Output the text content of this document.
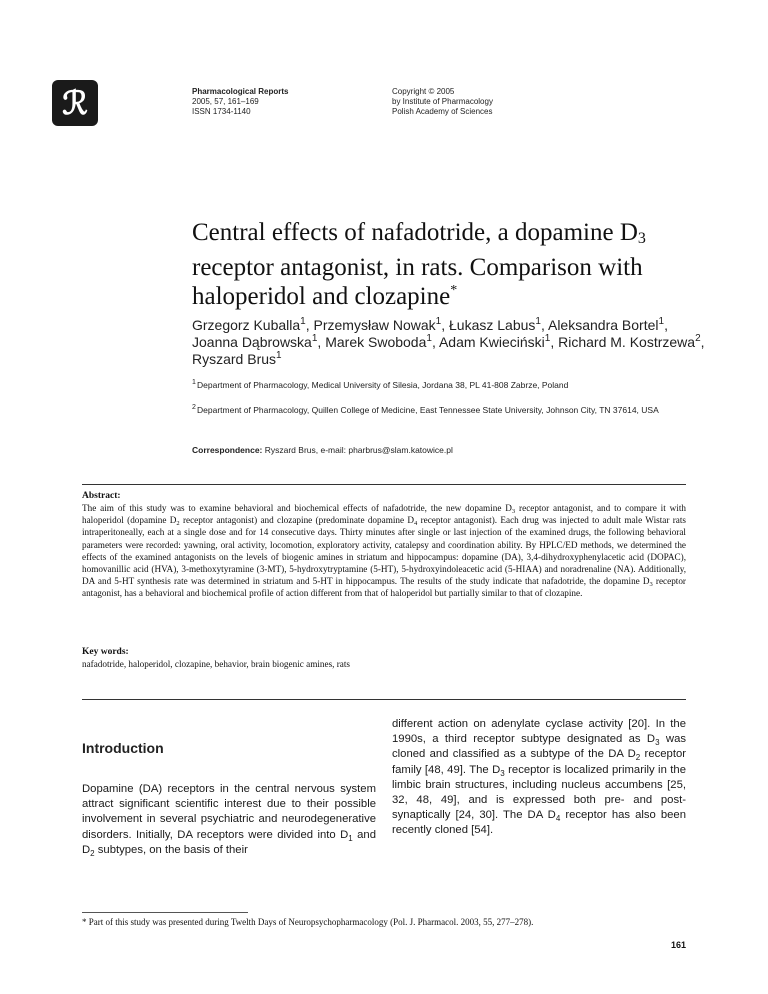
ℛ	Pharmacological Reports
2005, 57, 161–169
ISSN 1734-1140
Copyright © 2005
by Institute of Pharmacology
Polish Academy of Sciences
Central effects of nafadotride, a dopamine $D_3$ receptor antagonist, in rats. Comparison with haloperidol and clozapine*
Grzegorz Kuballa$^1$, Przemysław Nowak$^1$, Łukasz Labus$^1$, Aleksandra Bortel$^1$, Joanna Dąbrowska$^1$, Marek Swoboda$^1$, Adam Kwieciński$^1$, Richard M. Kostrzewa$^2$, Ryszard Brus$^1$
1 Department of Pharmacology, Medical University of Silesia, Jordana 38, PL 41-808 Zabrze, Poland
2 Department of Pharmacology, Quillen College of Medicine, East Tennessee State University, Johnson City, TN 37614, USA
Correspondence: Ryszard Brus, e-mail: pharbrus@slam.katowice.pl
Abstract:
The aim of this study was to examine behavioral and biochemical effects of nafadotride, the new dopamine $D_3$ receptor antagonist, and to compare it with haloperidol (dopamine $D_2$ receptor antagonist) and clozapine (predominate dopamine $D_4$ receptor antagonist). Each drug was injected to adult male Wistar rats intraperitoneally, each at a single dose and for 14 consecutive days. Thirty minutes after single or last injection of the examined drugs, the following behavioral parameters were recorded: yawning, oral activity, locomotion, exploratory activity, catalepsy and coordination ability. By HPLC/ED methods, we determined the effects of the examined antagonists on the levels of biogenic amines in striatum and hippocampus: dopamine (DA), 3,4-dihydroxyphenylacetic acid (DOPAC), homovanillic acid (HVA), 3-methoxytyramine (3-MT), 5-hydroxytryptamine (5-HT), 5-hydroxyindoleacetic acid (5-HIAA) and noradrenaline (NA). Additionally, DA and 5-HT synthesis rate was determined in striatum and 5-HT in hippocampus. The results of the study indicate that nafadotride, the dopamine $D_3$ receptor antagonist, has a behavioral and biochemical profile of action different from that of haloperidol but partially similar to that of clozapine.
Key words:
nafadotride, haloperidol, clozapine, behavior, brain biogenic amines, rats
Introduction
Dopamine (DA) receptors in the central nervous system attract significant scientific interest due to their possible involvement in several psychiatric and neurodegenerative disorders. Initially, DA receptors were divided into $D_1$ and $D_2$ subtypes, on the basis of their
different action on adenylate cyclase activity [20]. In the 1990s, a third receptor subtype designated as $D_3$ was cloned and classified as a subtype of the DA $D_2$ receptor family [48, 49]. The $D_3$ receptor is localized primarily in the limbic brain structures, including nucleus accumbens [25, 32, 48, 49], and is expressed both pre- and post-synaptically [24, 30]. The DA $D_4$ receptor has also been recently cloned [54].
* Part of this study was presented during Twelth Days of Neuropsychopharmacology (Pol. J. Pharmacol. 2003, 55, 277–278).
161
